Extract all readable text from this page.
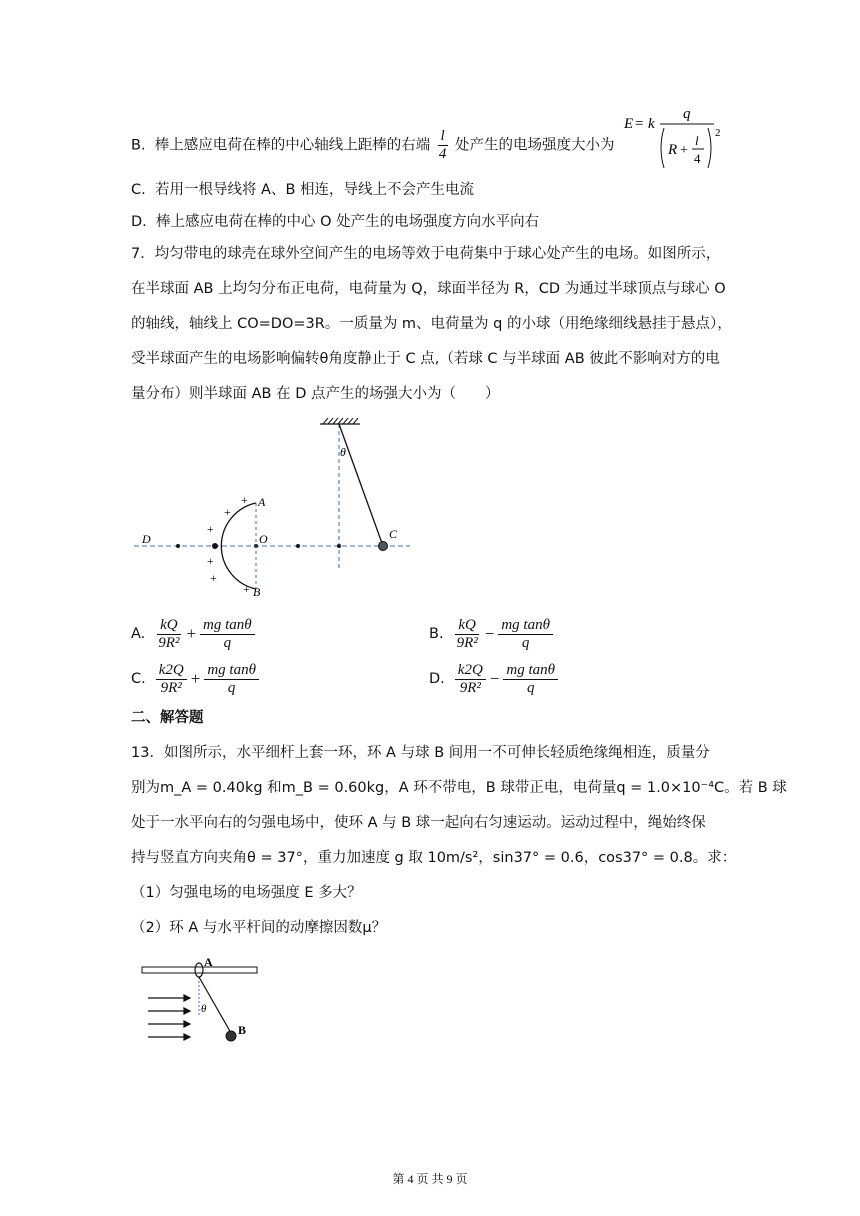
B. 棒上感应电荷在棒的中心轴线上距棒的右端 $\frac{l}{4}$ 处产生的电场强度大小为
E = k
q
R +
l
4
2
C. 若用一根导线将 A、B 相连，导线上不会产生电流
D. 棒上感应电荷在棒的中心 O 处产生的电场强度方向水平向右
7．均匀带电的球壳在球外空间产生的电场等效于电荷集中于球心处产生的电场。如图所示，
在半球面 AB 上均匀分布正电荷，电荷量为 Q，球面半径为 R，CD 为通过半球顶点与球心 O
的轴线，轴线上 CO=DO=3R。一质量为 m、电荷量为 q 的小球（用绝缘细线悬挂于悬点），
受半球面产生的电场影响偏转θ角度静止于 C 点,（若球 C 与半球面 AB 彼此不影响对方的电
量分布）则半球面 AB 在 D 点产生的场强大小为（　　）
θ
+
+
+
+
+
+
A
B
D	O	C
A. $\frac{kQ}{\text{9R²}} + \frac{\text{mg tanθ}}{q}$	B. $\frac{kQ}{\text{9R²}} - \frac{\text{mg tanθ}}{q}$
C. $\frac{k2Q}{\text{9R²}} + \frac{\text{mg tanθ}}{q}$	D. $\frac{k2Q}{\text{9R²}} - \frac{\text{mg tanθ}}{q}$
二、解答题
13．如图所示，水平细杆上套一环，环 A 与球 B 间用一不可伸长轻质绝缘绳相连，质量分
别为m_A = 0.40kg 和m_B = 0.60kg，A 环不带电，B 球带正电，电荷量q = 1.0×10⁻⁴C。若 B 球
处于一水平向右的匀强电场中，使环 A 与 B 球一起向右匀速运动。运动过程中，绳始终保
持与竖直方向夹角θ = 37°，重力加速度 g 取 10m/s²，sin37° = 0.6，cos37° = 0.8。求：
（1）匀强电场的电场强度 E 多大？
（2）环 A 与水平杆间的动摩擦因数μ？
A
θ
B
第 4 页 共 9 页
